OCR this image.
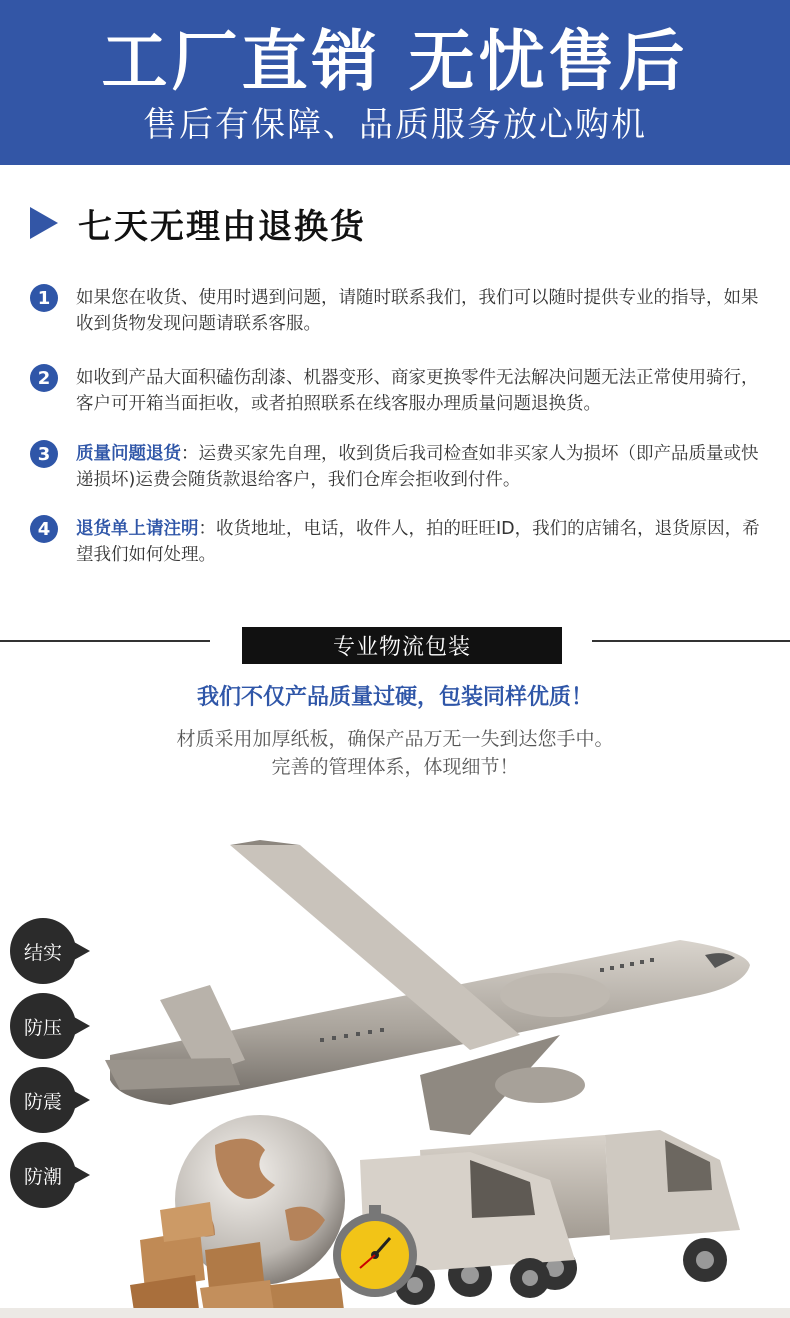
工厂直销 无忧售后
售后有保障、品质服务放心购机
七天无理由退换货
1	如果您在收货、使用时遇到问题，请随时联系我们，我们可以随时提供专业的指导，如果收到货物发现问题请联系客服。
2	如收到产品大面积磕伤刮漆、机器变形、商家更换零件无法解决问题无法正常使用骑行，客户可开箱当面拒收，或者拍照联系在线客服办理质量问题退换货。
3	质量问题退货：运费买家先自理，收到货后我司检查如非买家人为损坏（即产品质量或快递损坏)运费会随货款退给客户，我们仓库会拒收到付件。
4	退货单上请注明：收货地址，电话，收件人，拍的旺旺ID，我们的店铺名，退货原因，希望我们如何处理。
专业物流包装
我们不仅产品质量过硬，包装同样优质！
材质采用加厚纸板，确保产品万无一失到达您手中。
完善的管理体系，体现细节！
结实
防压
防震
防潮
